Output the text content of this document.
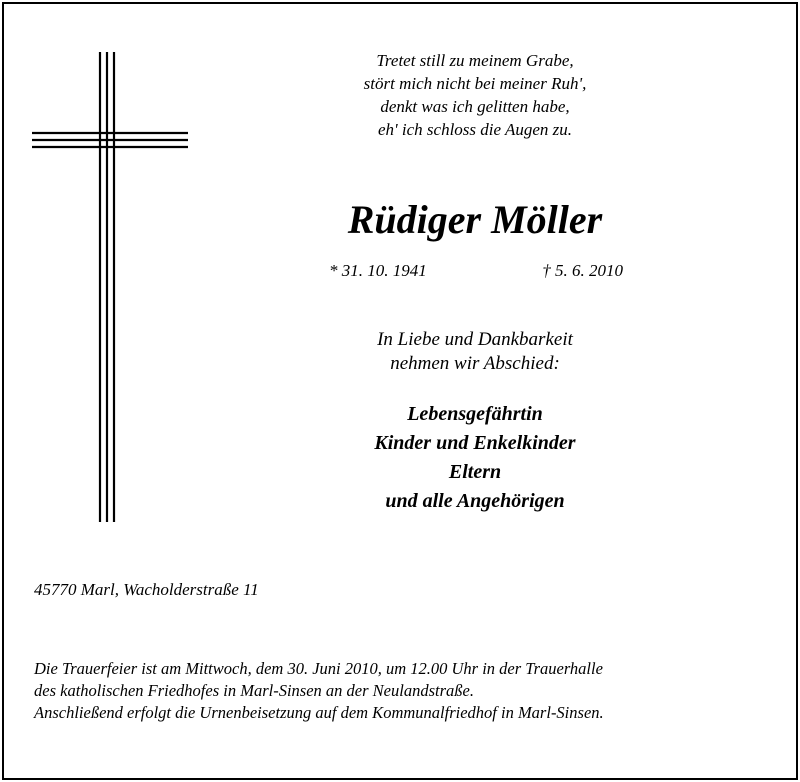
Tretet still zu meinem Grabe,
stört mich nicht bei meiner Ruh',
denkt was ich gelitten habe,
eh' ich schloss die Augen zu.
Rüdiger Möller
* 31. 10. 1941	† 5. 6. 2010
In Liebe und Dankbarkeit
nehmen wir Abschied:
Lebensgefährtin
Kinder und Enkelkinder
Eltern
und alle Angehörigen
45770 Marl, Wacholderstraße 11
Die Trauerfeier ist am Mittwoch, dem 30. Juni 2010, um 12.00 Uhr in der Trauerhalle
des katholischen Friedhofes in Marl-Sinsen an der Neulandstraße.
Anschließend erfolgt die Urnenbeisetzung auf dem Kommunalfriedhof in Marl-Sinsen.
